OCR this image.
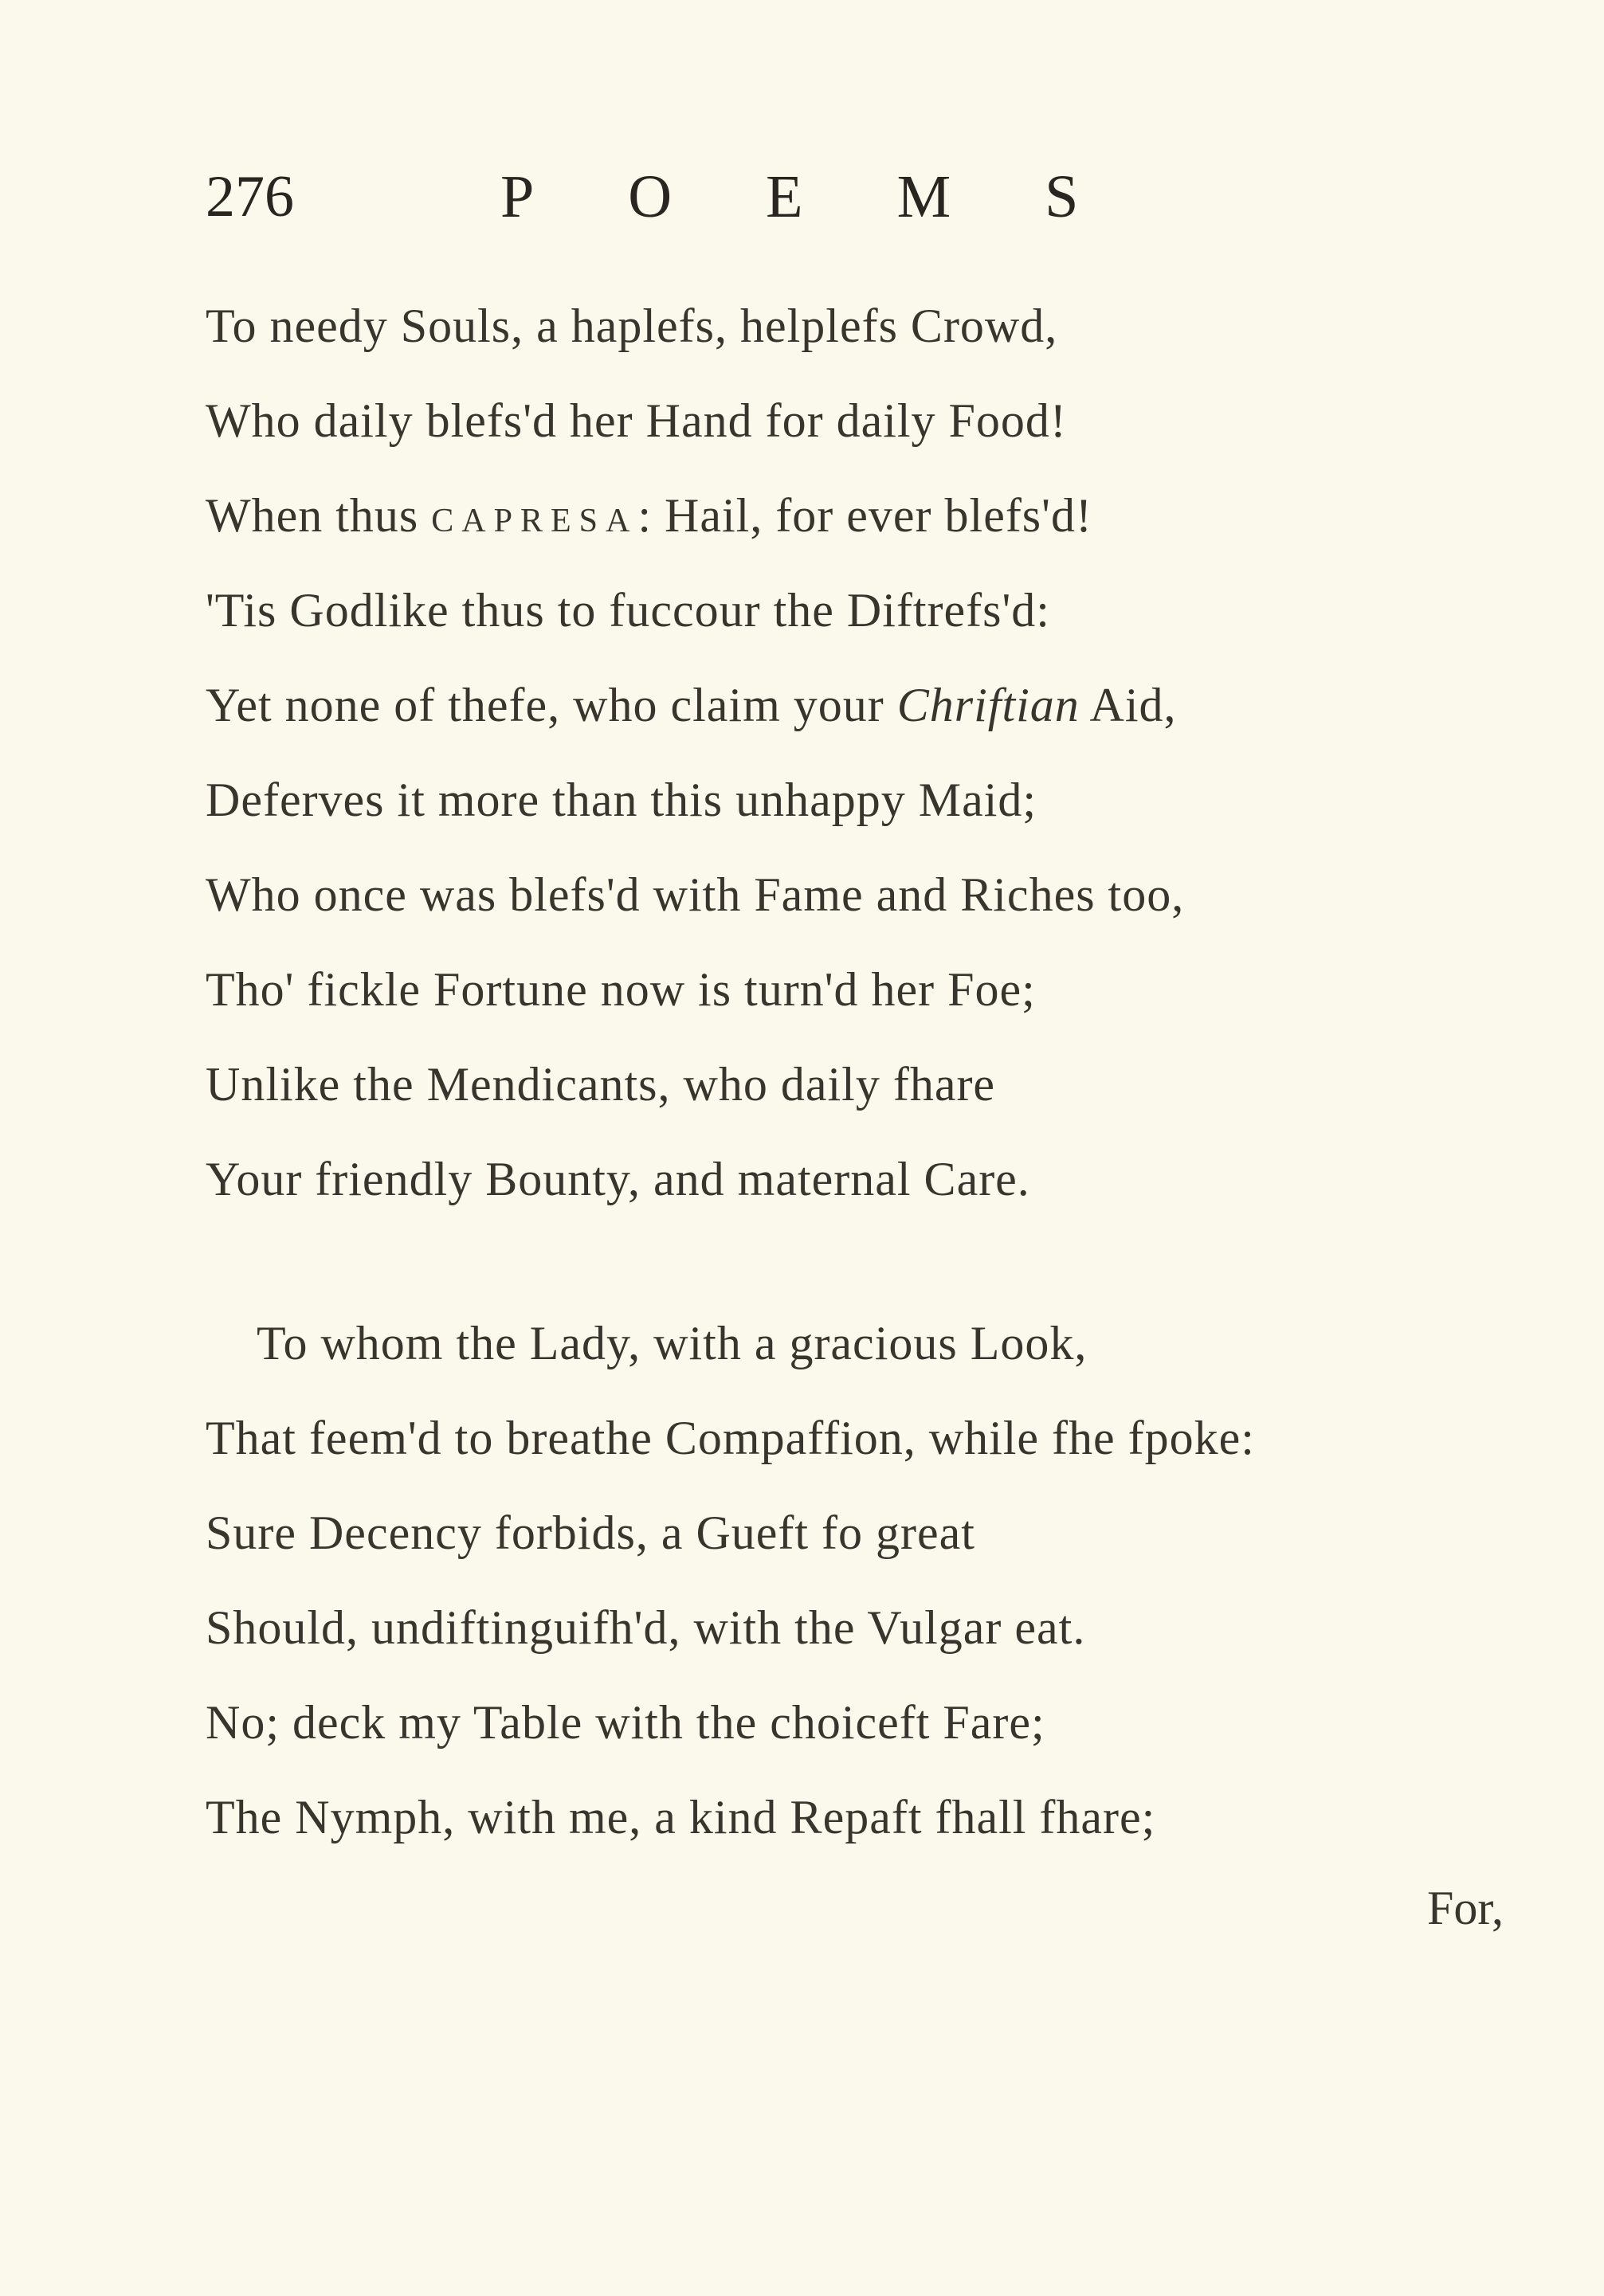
276	POEMS
To needy Souls, a haplefs, helplefs Crowd,
Who daily blefs'd her Hand for daily Food!
When thus CAPRESA: Hail, for ever blefs'd!
'Tis Godlike thus to fuccour the Diftrefs'd:
Yet none of thefe, who claim your Chriftian Aid,
Deferves it more than this unhappy Maid;
Who once was blefs'd with Fame and Riches too,
Tho' fickle Fortune now is turn'd her Foe;
Unlike the Mendicants, who daily fhare
Your friendly Bounty, and maternal Care.
To whom the Lady, with a gracious Look,
That feem'd to breathe Compaffion, while fhe fpoke:
Sure Decency forbids, a Gueft fo great
Should, undiftinguifh'd, with the Vulgar eat.
No; deck my Table with the choiceft Fare;
The Nymph, with me, a kind Repaft fhall fhare;
For,
